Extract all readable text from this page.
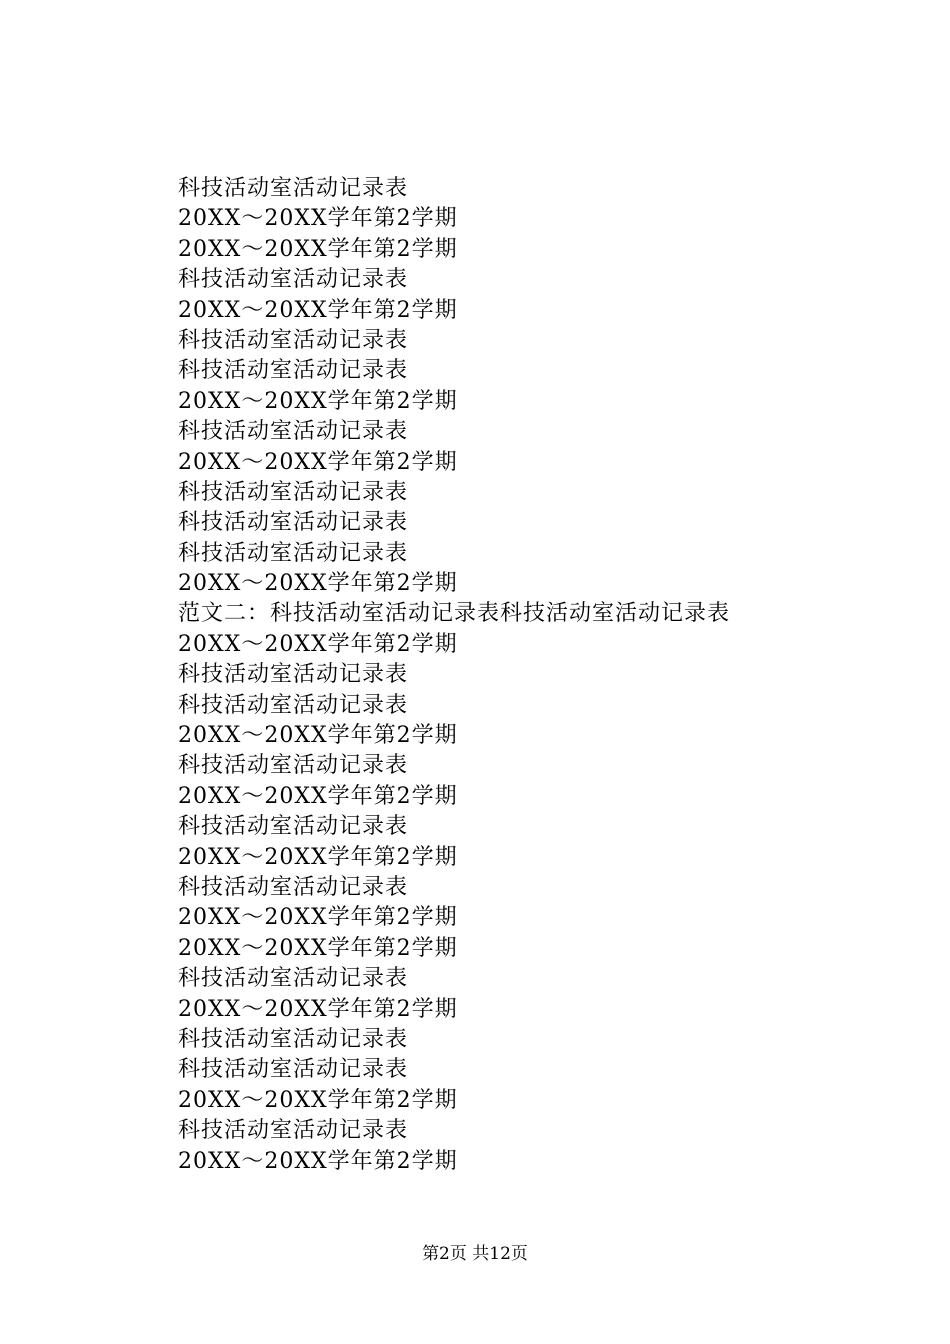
科技活动室活动记录表
20XX～20XX学年第2学期
20XX～20XX学年第2学期
科技活动室活动记录表
20XX～20XX学年第2学期
科技活动室活动记录表
科技活动室活动记录表
20XX～20XX学年第2学期
科技活动室活动记录表
20XX～20XX学年第2学期
科技活动室活动记录表
科技活动室活动记录表
科技活动室活动记录表
20XX～20XX学年第2学期
范文二：科技活动室活动记录表科技活动室活动记录表
20XX～20XX学年第2学期
科技活动室活动记录表
科技活动室活动记录表
20XX～20XX学年第2学期
科技活动室活动记录表
20XX～20XX学年第2学期
科技活动室活动记录表
20XX～20XX学年第2学期
科技活动室活动记录表
20XX～20XX学年第2学期
20XX～20XX学年第2学期
科技活动室活动记录表
20XX～20XX学年第2学期
科技活动室活动记录表
科技活动室活动记录表
20XX～20XX学年第2学期
科技活动室活动记录表
20XX～20XX学年第2学期
第2页 共12页
